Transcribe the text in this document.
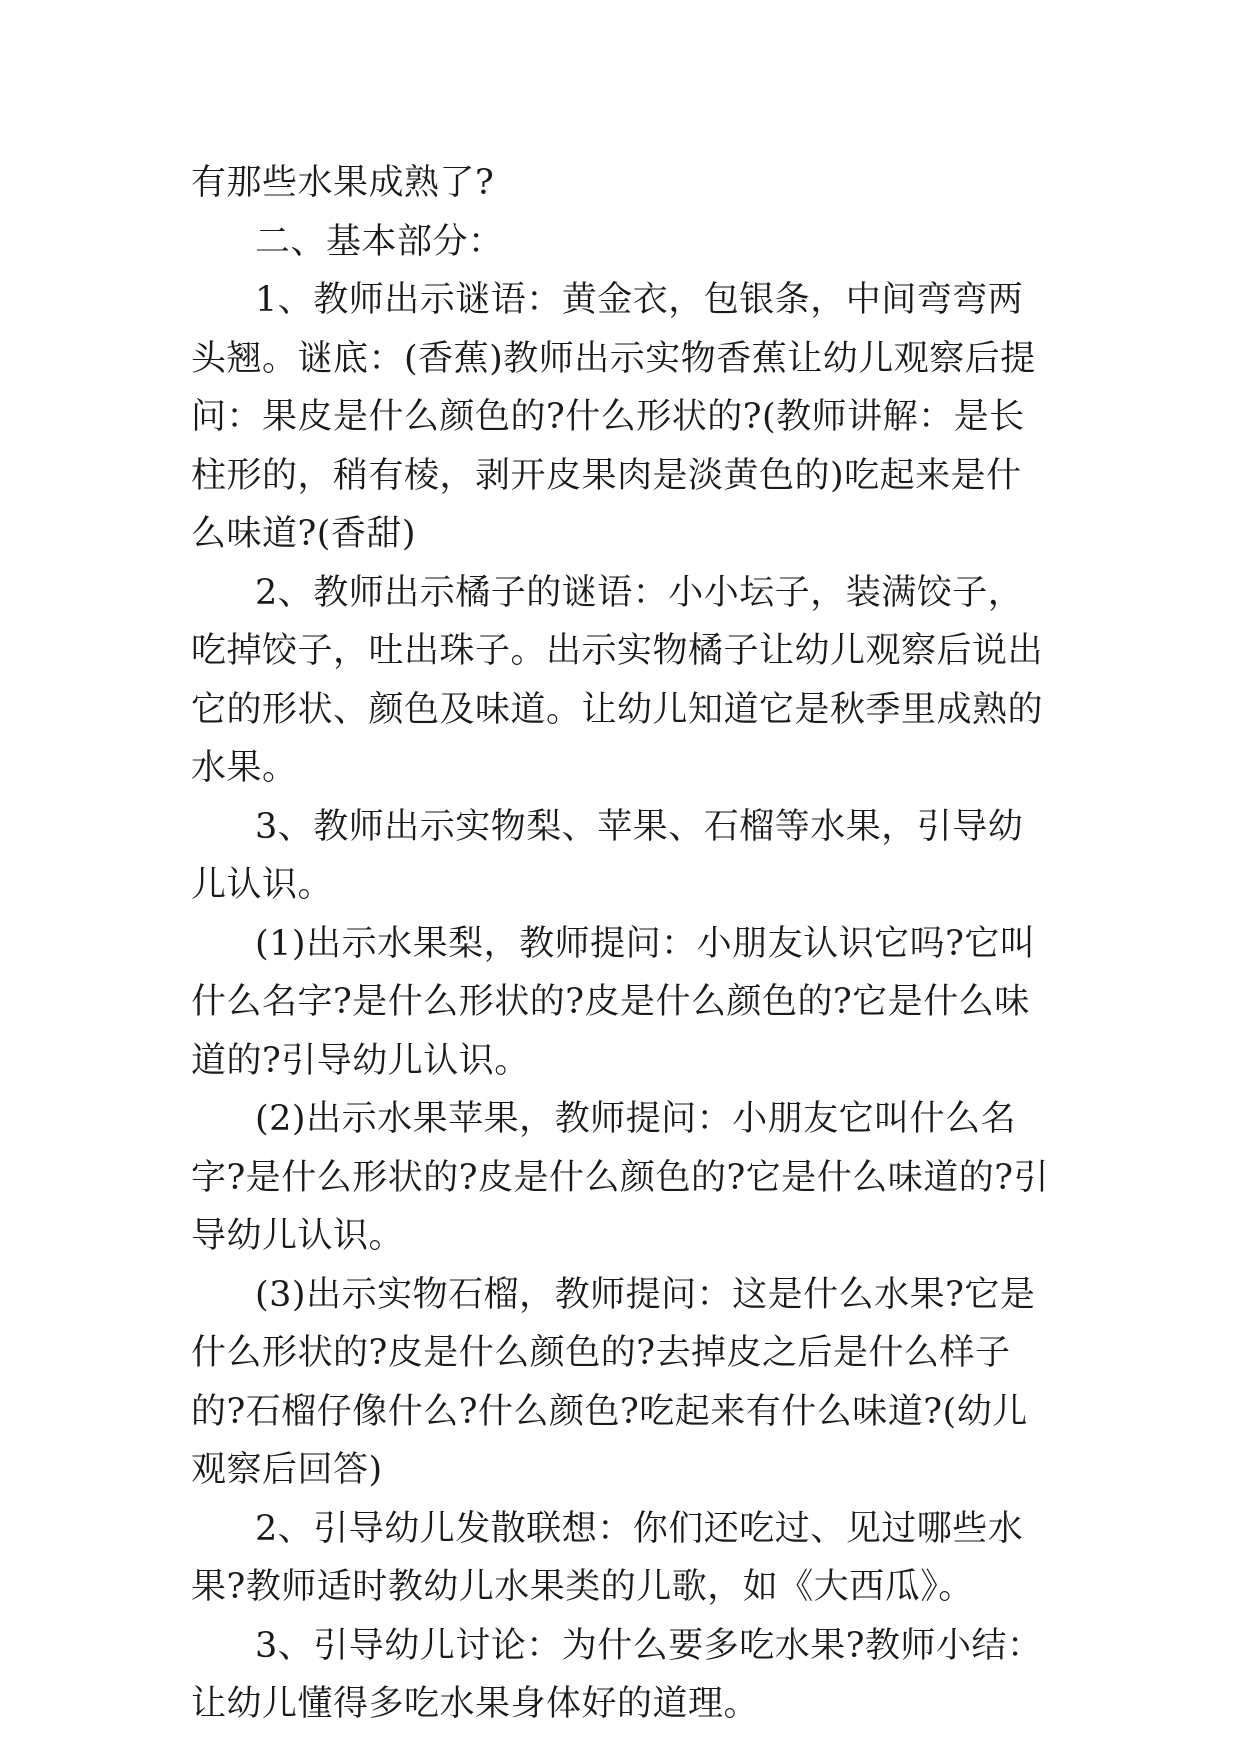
有那些水果成熟了?

二、基本部分：

1、教师出示谜语：黄金衣，包银条，中间弯弯两头翘。谜底：(香蕉)教师出示实物香蕉让幼儿观察后提问：果皮是什么颜色的?什么形状的?(教师讲解：是长柱形的，稍有棱，剥开皮果肉是淡黄色的)吃起来是什么味道?(香甜)

2、教师出示橘子的谜语：小小坛子，装满饺子，吃掉饺子，吐出珠子。出示实物橘子让幼儿观察后说出它的形状、颜色及味道。让幼儿知道它是秋季里成熟的水果。

3、教师出示实物梨、苹果、石榴等水果，引导幼儿认识。

(1)出示水果梨，教师提问：小朋友认识它吗?它叫什么名字?是什么形状的?皮是什么颜色的?它是什么味道的?引导幼儿认识。

(2)出示水果苹果，教师提问：小朋友它叫什么名字?是什么形状的?皮是什么颜色的?它是什么味道的?引导幼儿认识。

(3)出示实物石榴，教师提问：这是什么水果?它是什么形状的?皮是什么颜色的?去掉皮之后是什么样子的?石榴仔像什么?什么颜色?吃起来有什么味道?(幼儿观察后回答)

2、引导幼儿发散联想：你们还吃过、见过哪些水果?教师适时教幼儿水果类的儿歌，如《大西瓜》。

3、引导幼儿讨论：为什么要多吃水果?教师小结：让幼儿懂得多吃水果身体好的道理。
